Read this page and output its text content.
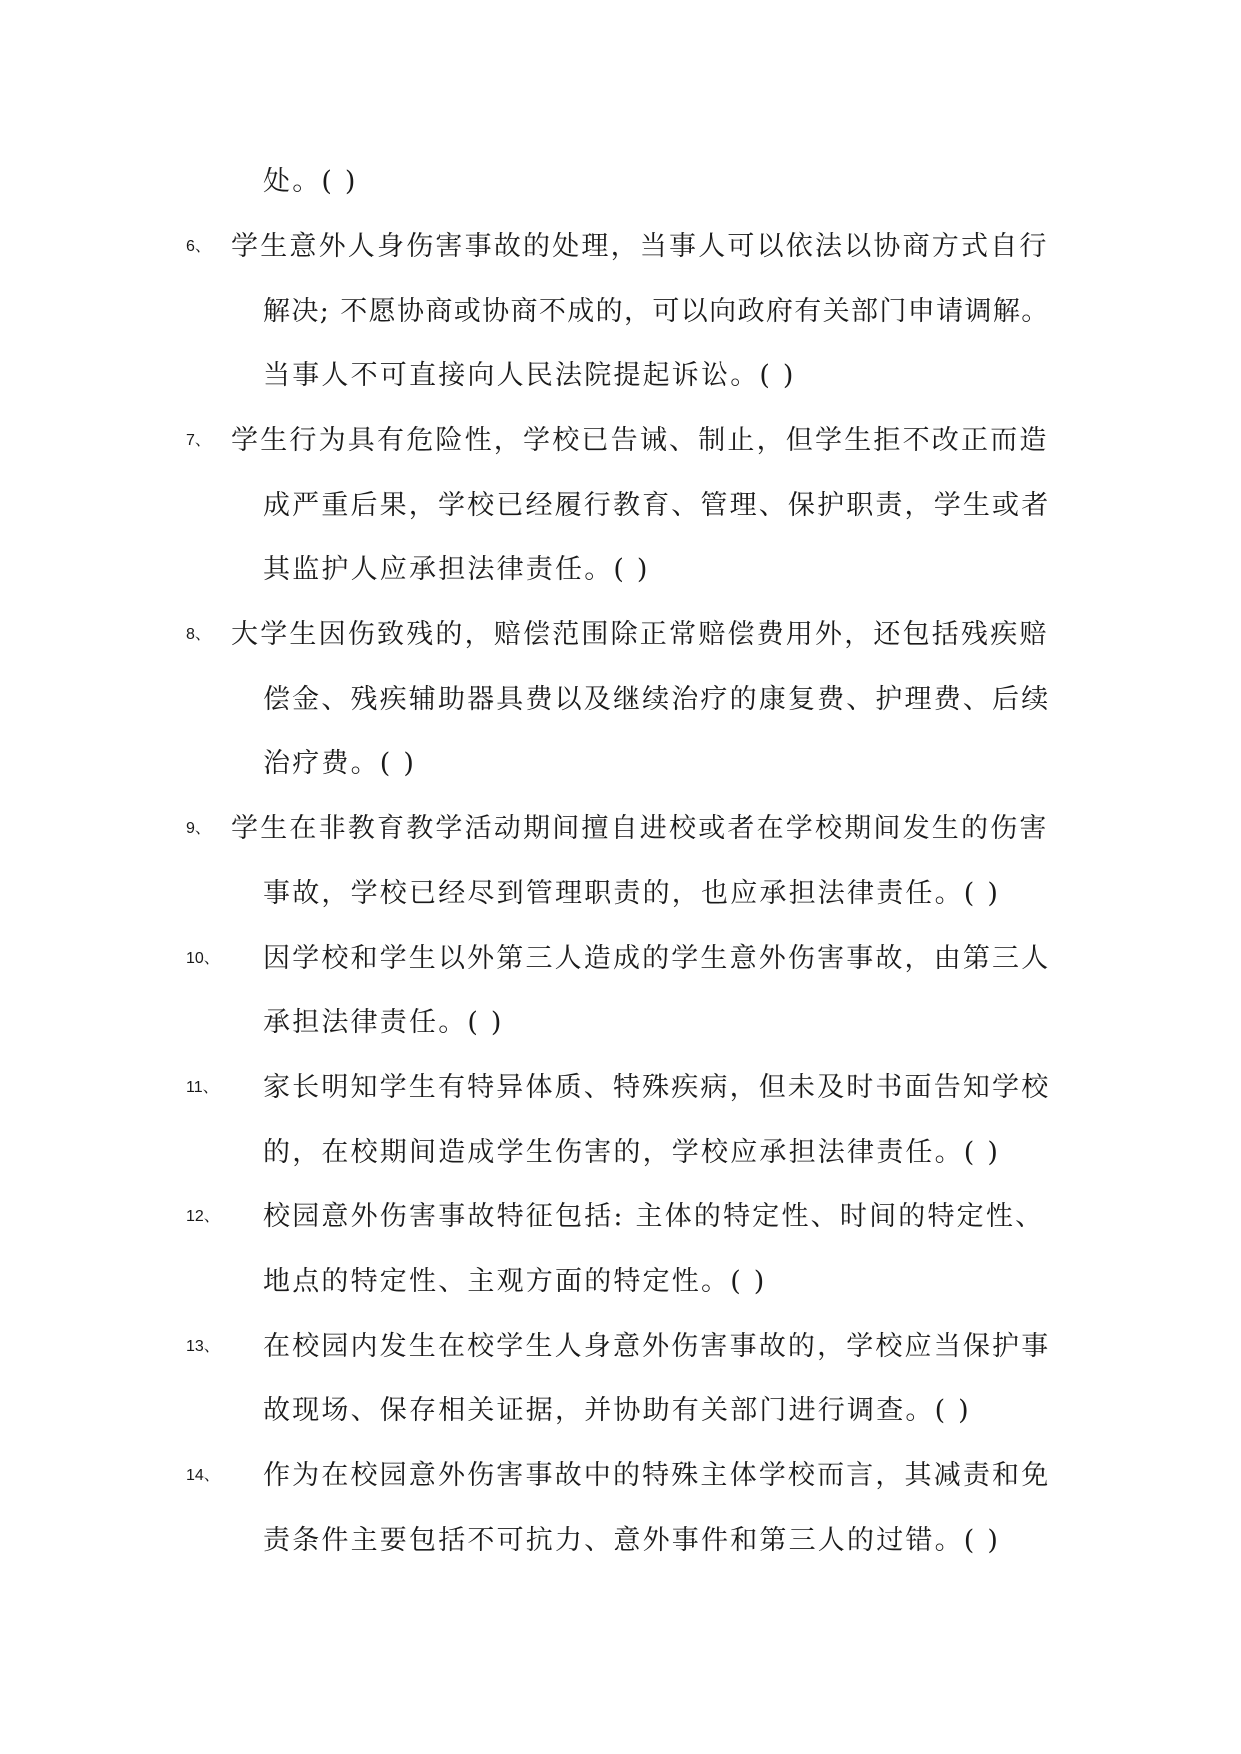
处。( )
6、 学生意外人身伤害事故的处理，当事人可以依法以协商方式自行
解决; 不愿协商或协商不成的，可以向政府有关部门申请调解。
当事人不可直接向人民法院提起诉讼。( )
7、 学生行为具有危险性，学校已告诫、制止，但学生拒不改正而造
成严重后果，学校已经履行教育、管理、保护职责，学生或者
其监护人应承担法律责任。( )
8、 大学生因伤致残的，赔偿范围除正常赔偿费用外，还包括残疾赔
偿金、残疾辅助器具费以及继续治疗的康复费、护理费、后续
治疗费。( )
9、 学生在非教育教学活动期间擅自进校或者在学校期间发生的伤害
事故，学校已经尽到管理职责的，也应承担法律责任。( )
10、 因学校和学生以外第三人造成的学生意外伤害事故，由第三人
承担法律责任。( )
11、 家长明知学生有特异体质、特殊疾病，但未及时书面告知学校
的，在校期间造成学生伤害的，学校应承担法律责任。( )
12、 校园意外伤害事故特征包括: 主体的特定性、时间的特定性、
地点的特定性、主观方面的特定性。( )
13、 在校园内发生在校学生人身意外伤害事故的，学校应当保护事
故现场、保存相关证据，并协助有关部门进行调查。( )
14、 作为在校园意外伤害事故中的特殊主体学校而言，其减责和免
责条件主要包括不可抗力、意外事件和第三人的过错。( )
